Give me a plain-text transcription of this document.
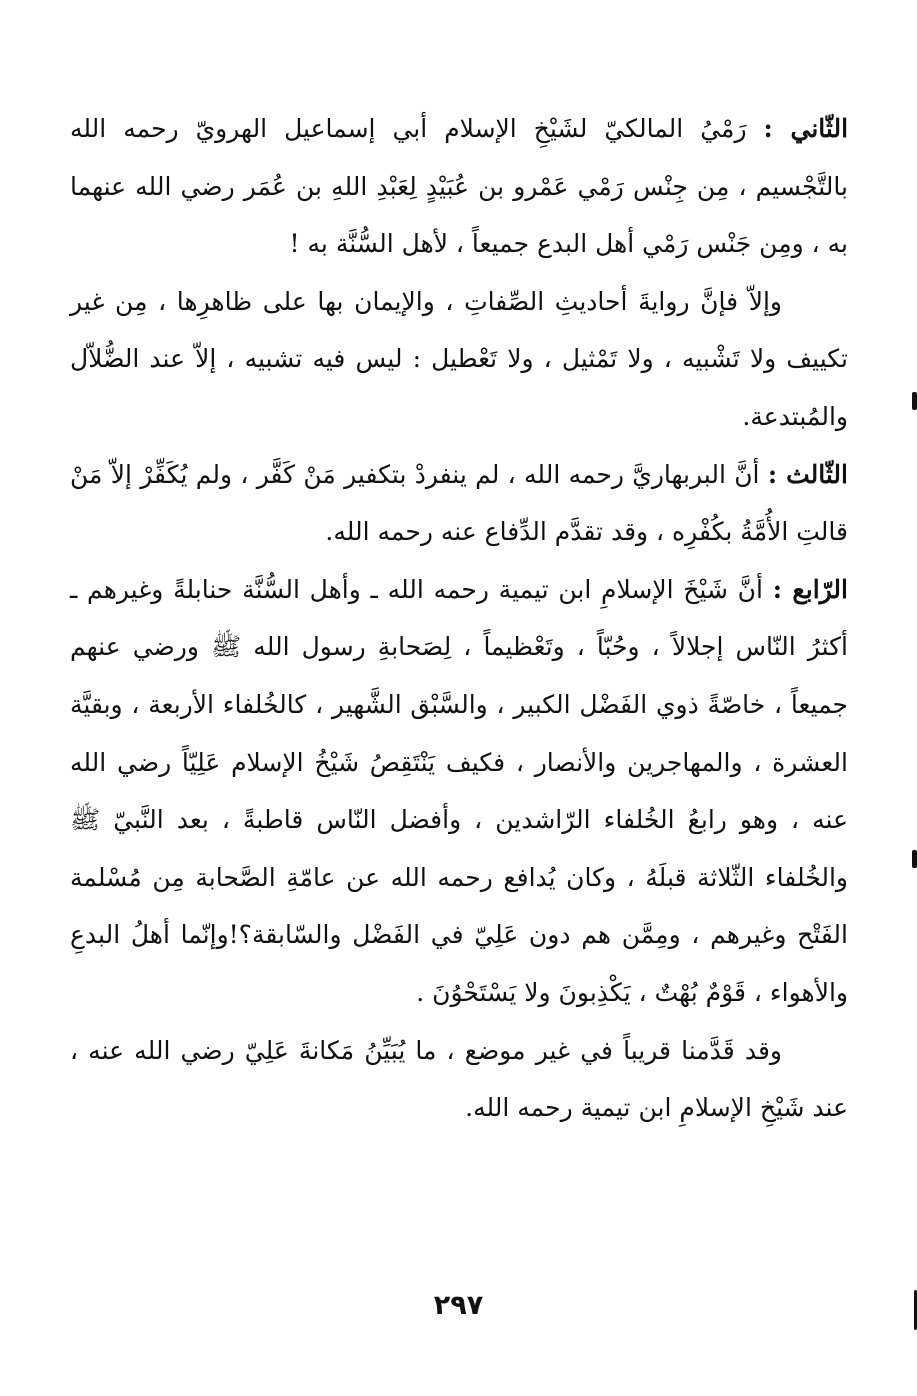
الثّاني : رَمْيُ المالكيّ لشَيْخِ الإسلام أبي إسماعيل الهرويّ رحمه الله بالتَّجْسيم ، مِن جِنْس رَمْي عَمْرو بن عُبَيْدٍ لِعَبْدِ اللهِ بن عُمَر رضي الله عنهما به ، ومِن جَنْس رَمْي أهل البدع جميعاً ، لأهل السُّنَّة به !

وإلاّ فإنَّ روايةَ أحاديثِ الصِّفاتِ ، والإيمان بها على ظاهرِها ، مِن غير تكييف ولا تَشْبيه ، ولا تَمْثيل ، ولا تَعْطيل : ليس فيه تشبيه ، إلاّ عند الضُّلاّل والمُبتدعة.

الثّالث : أنَّ البربهاريَّ رحمه الله ، لم ينفردْ بتكفير مَنْ كَفَّر ، ولم يُكَفِّرْ إلاّ مَنْ قالتِ الأُمَّةُ بكُفْرِه ، وقد تقدَّم الدِّفاع عنه رحمه الله.

الرّابع : أنَّ شَيْخَ الإسلامِ ابن تيمية رحمه الله ـ وأهل السُّنَّة حنابلةً وغيرهم ـ أكثرُ النّاس إجلالاً ، وحُبّاً ، وتَعْظيماً ، لِصَحابةِ رسول الله ﷺ ورضي عنهم جميعاً ، خاصّةً ذوي الفَضْل الكبير ، والسَّبْق الشَّهير ، كالخُلفاء الأربعة ، وبقيَّة العشرة ، والمهاجرين والأنصار ، فكيف يَنْتَقِصُ شَيْخُ الإسلام عَلِيّاً رضي الله عنه ، وهو رابعُ الخُلفاء الرّاشدين ، وأفضل النّاس قاطبةً ، بعد النَّبيّ ﷺ والخُلفاء الثّلاثة قبلَهُ ، وكان يُدافع رحمه الله عن عامّةِ الصَّحابة مِن مُسْلمة الفَتْح وغيرهم ، ومِمَّن هم دون عَلِيّ في الفَضْل والسّابقة؟!وإنّما أهلُ البدعِ والأهواء ، قَوْمٌ بُهْتٌ ، يَكْذِبونَ ولا يَسْتَحْوُنَ .

وقد قَدَّمنا قريباً في غير موضع ، ما يُبَيِّنُ مَكانةَ عَلِيّ رضي الله عنه ، عند شَيْخِ الإسلامِ ابن تيمية رحمه الله.

٢٩٧
